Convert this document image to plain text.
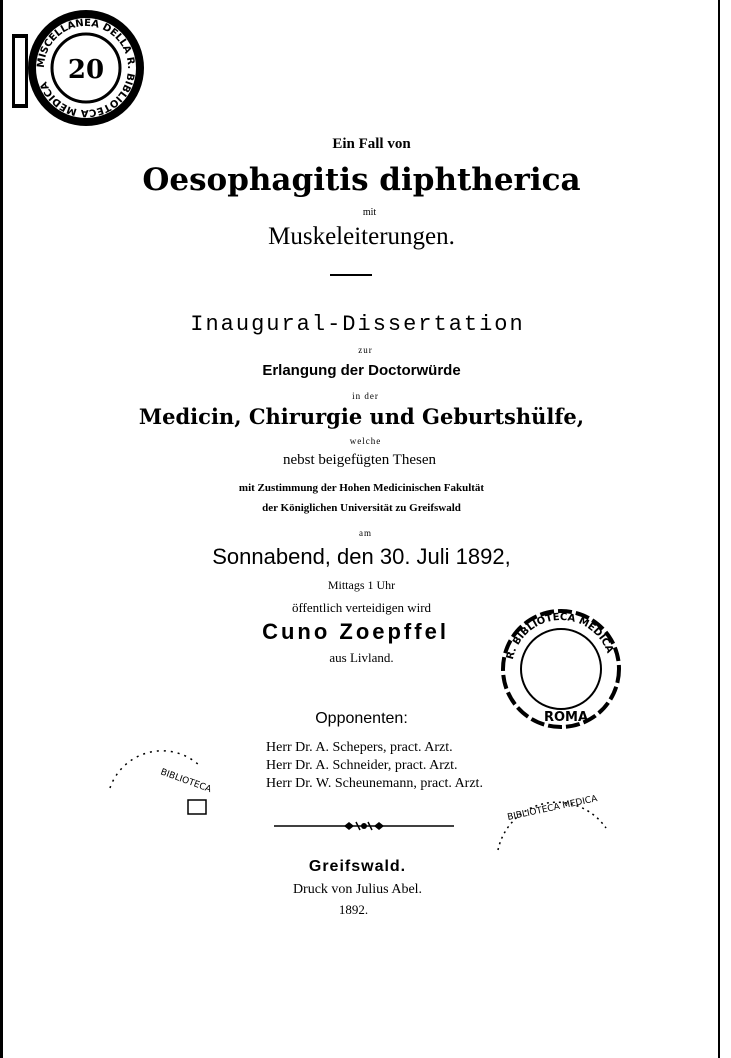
MISCELLANEA DELLA R. BIBLIOTECA MEDICA
20
Ein Fall von
Oesophagitis diphtherica
mit
Muskeleiterungen.
Inaugural-Dissertation
zur
Erlangung der Doctorwürde
in der
Medicin, Chirurgie und Geburtshülfe,
welche
nebst beigefügten Thesen
mit Zustimmung der Hohen Medicinischen Fakultät
der Königlichen Universität zu Greifswald
am
Sonnabend, den 30. Juli 1892,
Mittags 1 Uhr
öffentlich verteidigen wird
Cuno Zoepffel
aus Livland.	R. BIBLIOTECA MEDICA
ROMA
Opponenten:
Herr Dr. A. Schepers, pract. Arzt.
Herr Dr. A. Schneider, pract. Arzt.
Herr Dr. W. Scheunemann, pract. Arzt.
BIBLIOTECA
BIBLIOTECA MEDICA
Greifswald.
Druck von Julius Abel.
1892.
